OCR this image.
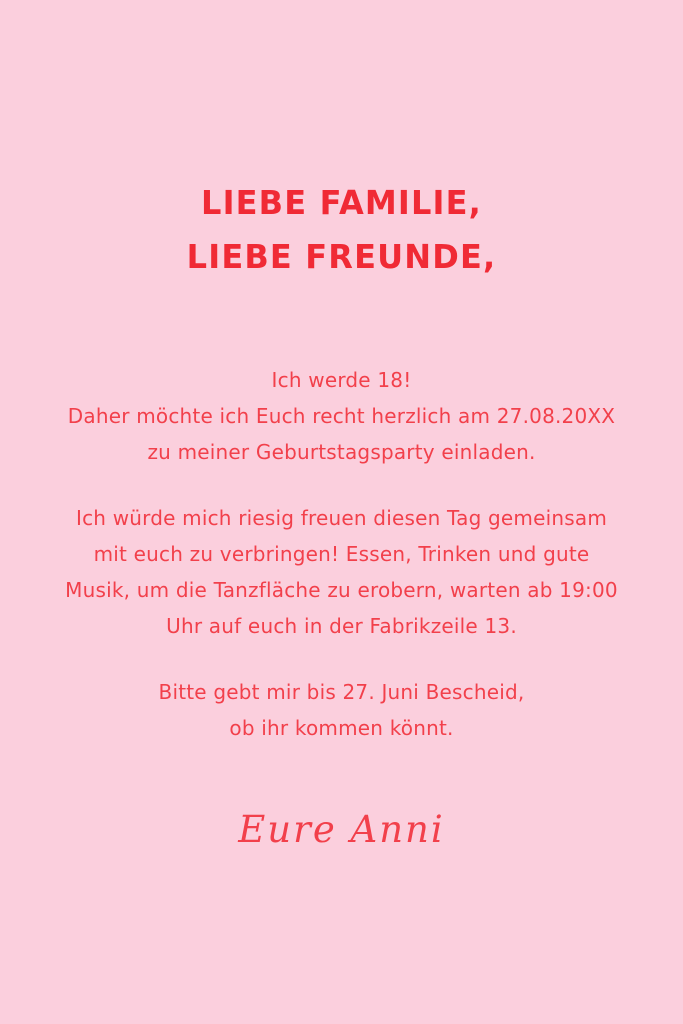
LIEBE FAMILIE,
LIEBE FREUNDE,

Ich werde 18!
Daher möchte ich Euch recht herzlich am 27.08.20XX
zu meiner Geburtstagsparty einladen.

Ich würde mich riesig freuen diesen Tag gemeinsam mit euch zu verbringen! Essen, Trinken und gute Musik, um die Tanzfläche zu erobern, warten ab 19:00 Uhr auf euch in der Fabrikzeile 13.

Bitte gebt mir bis 27. Juni Bescheid,
ob ihr kommen könnt.

Eure Anni
